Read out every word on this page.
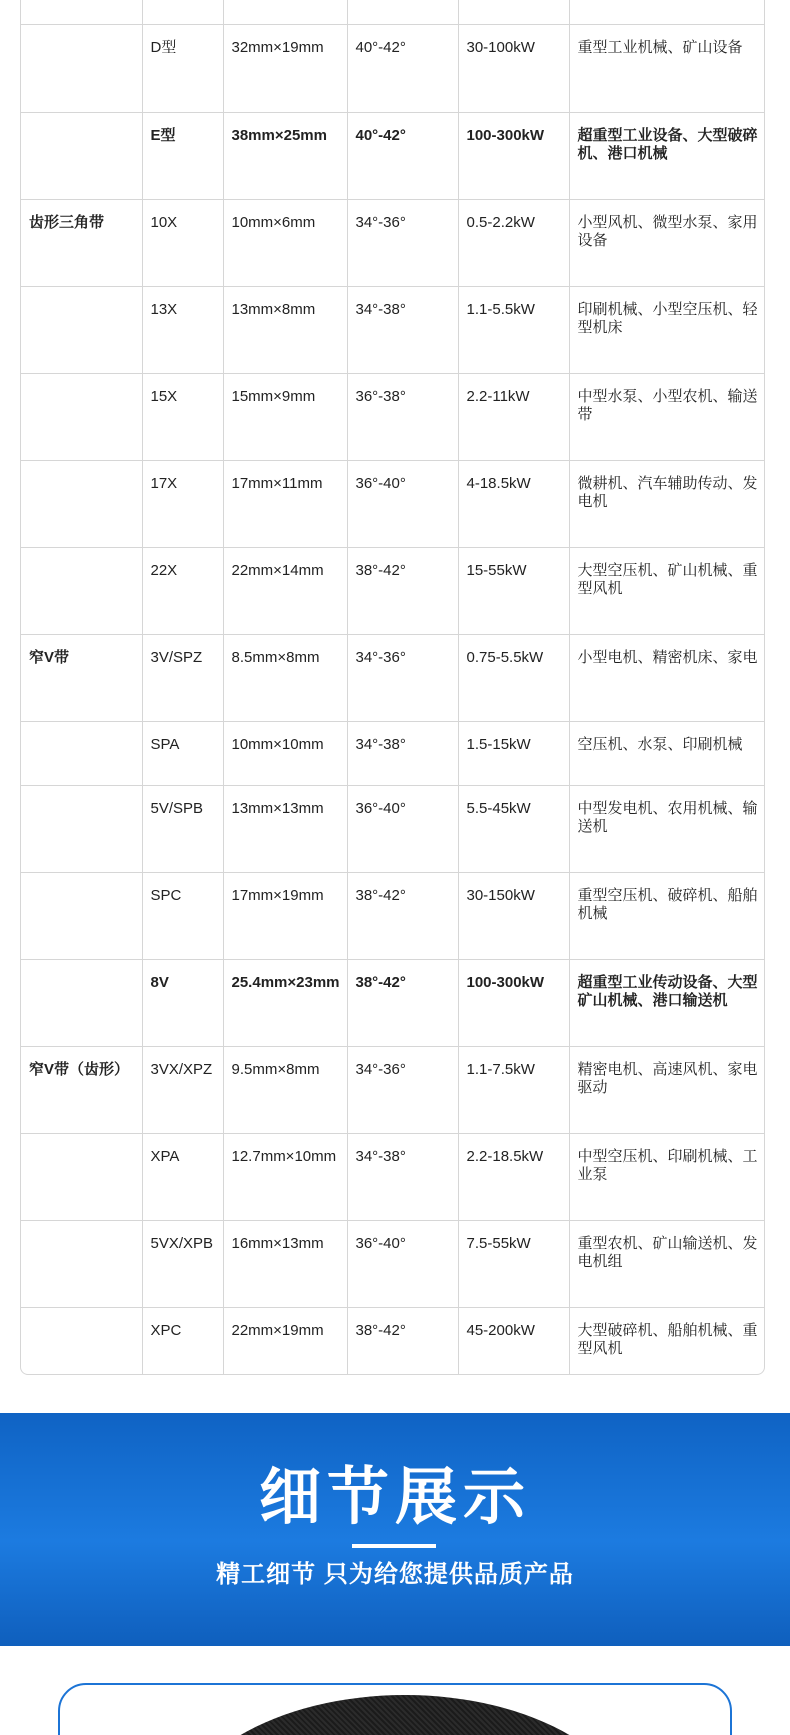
	D型	32mm×19mm	40°-42°	30-100kW	重型工业机械、矿山设备
	E型	38mm×25mm	40°-42°	100-300kW	超重型工业设备、大型破碎机、港口机械
齿形三角带	10X	10mm×6mm	34°-36°	0.5-2.2kW	小型风机、微型水泵、家用设备
	13X	13mm×8mm	34°-38°	1.1-5.5kW	印刷机械、小型空压机、轻型机床
	15X	15mm×9mm	36°-38°	2.2-11kW	中型水泵、小型农机、输送带
	17X	17mm×11mm	36°-40°	4-18.5kW	微耕机、汽车辅助传动、发电机
	22X	22mm×14mm	38°-42°	15-55kW	大型空压机、矿山机械、重型风机
窄V带	3V/SPZ	8.5mm×8mm	34°-36°	0.75-5.5kW	小型电机、精密机床、家电
	SPA	10mm×10mm	34°-38°	1.5-15kW	空压机、水泵、印刷机械
	5V/SPB	13mm×13mm	36°-40°	5.5-45kW	中型发电机、农用机械、输送机
	SPC	17mm×19mm	38°-42°	30-150kW	重型空压机、破碎机、船舶机械
	8V	25.4mm×23mm	38°-42°	100-300kW	超重型工业传动设备、大型矿山机械、港口输送机
窄V带（齿形）	3VX/XPZ	9.5mm×8mm	34°-36°	1.1-7.5kW	精密电机、高速风机、家电驱动
	XPA	12.7mm×10mm	34°-38°	2.2-18.5kW	中型空压机、印刷机械、工业泵
	5VX/XPB	16mm×13mm	36°-40°	7.5-55kW	重型农机、矿山输送机、发电机组
	XPC	22mm×19mm	38°-42°	45-200kW	大型破碎机、船舶机械、重型风机
细节展示
精工细节 只为给您提供品质产品
